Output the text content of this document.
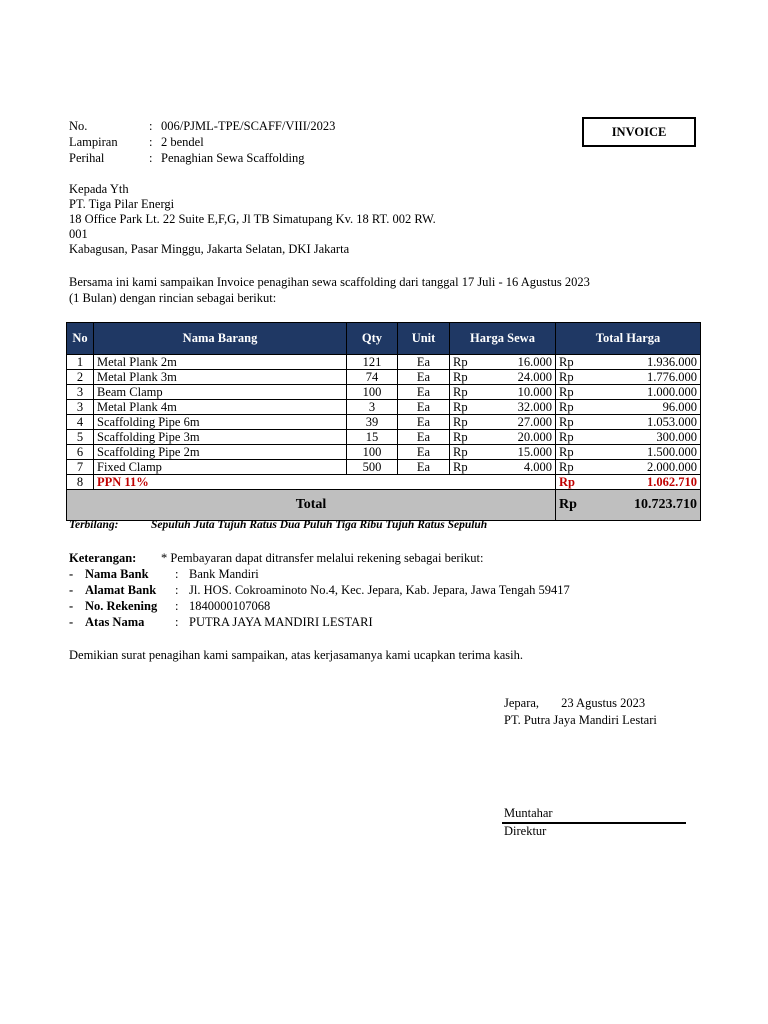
No.	: 006/PJML-TPE/SCAFF/VIII/2023
Lampiran	: 2 bendel
Perihal	: Penaghian Sewa Scaffolding
INVOICE
Kepada Yth
PT. Tiga Pilar Energi
18 Office Park Lt. 22 Suite E,F,G, Jl TB Simatupang Kv. 18 RT. 002 RW.
001
Kabagusan, Pasar Minggu, Jakarta Selatan, DKI Jakarta
Bersama ini kami sampaikan Invoice penagihan sewa scaffolding dari tanggal 17 Juli - 16 Agustus 2023
(1 Bulan) dengan rincian sebagai berikut:
No	Nama Barang	Qty	Unit	Harga Sewa		Total Harga	
1	Metal Plank 2m	121	Ea	Rp	16.000	Rp	1.936.000
2	Metal Plank 3m	74	Ea	Rp	24.000	Rp	1.776.000
3	Beam Clamp	100	Ea	Rp	10.000	Rp	1.000.000
3	Metal Plank 4m	3	Ea	Rp	32.000	Rp	96.000
4	Scaffolding Pipe 6m	39	Ea	Rp	27.000	Rp	1.053.000
5	Scaffolding Pipe 3m	15	Ea	Rp	20.000	Rp	300.000
6	Scaffolding Pipe 2m	100	Ea	Rp	15.000	Rp	1.500.000
7	Fixed Clamp	500	Ea	Rp	4.000	Rp	2.000.000
8	PPN 11%					Rp	1.062.710
Total						Rp	10.723.710
Terbilang:	Sepuluh Juta Tujuh Ratus Dua Puluh Tiga Ribu Tujuh Ratus Sepuluh
Keterangan:	* Pembayaran dapat ditransfer melalui rekening sebagai berikut:
- Nama Bank	: Bank Mandiri
- Alamat Bank	: Jl. HOS. Cokroaminoto No.4, Kec. Jepara, Kab. Jepara, Jawa Tengah 59417
- No. Rekening	: 1840000107068
- Atas Nama	: PUTRA JAYA MANDIRI LESTARI
Demikian surat penagihan kami sampaikan, atas kerjasamanya kami ucapkan terima kasih.
Jepara, 23 Agustus 2023
PT. Putra Jaya Mandiri Lestari
Muntahar
Direktur
